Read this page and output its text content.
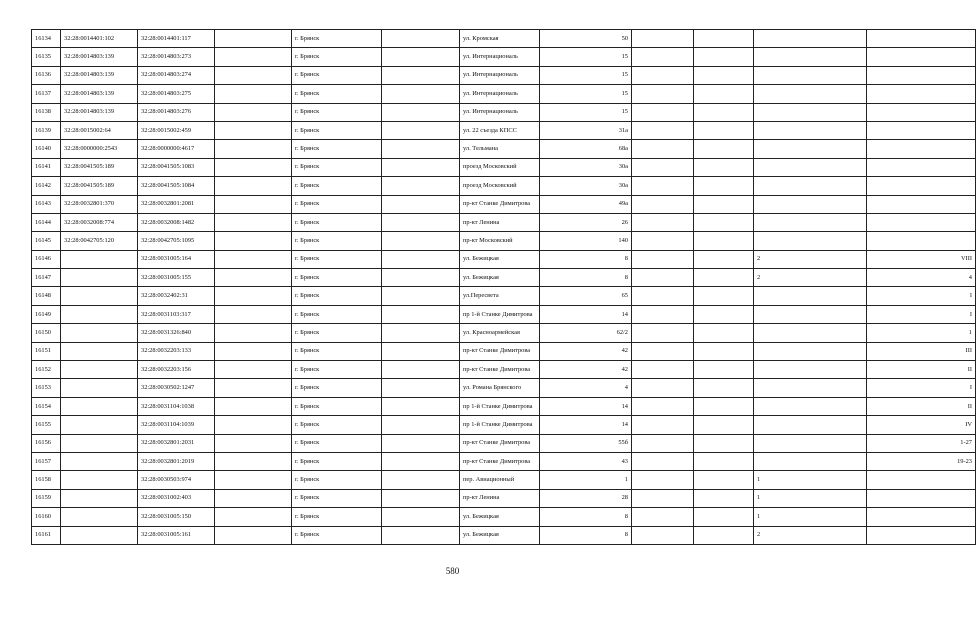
16134	32:28:0014401:102	32:28:0014401:117		г. Брянск		ул. Кромская	50				
16135	32:28:0014803:139	32:28:0014803:273		г. Брянск		ул. Интернациональ	15				
16136	32:28:0014803:139	32:28:0014803:274		г. Брянск		ул. Интернациональ	15				
16137	32:28:0014803:139	32:28:0014803:275		г. Брянск		ул. Интернациональ	15				
16138	32:28:0014803:139	32:28:0014803:276		г. Брянск		ул. Интернациональ	15				
16139	32:28:0015002:64	32:28:0015002:459		г. Брянск		ул. 22 съезда КПСС	31а				
16140	32:28:0000000:2543	32:28:0000000:4617		г. Брянск		ул. Тельмана	68а				
16141	32:28:0041505:189	32:28:0041505:1083		г. Брянск		проезд Московский	30а				
16142	32:28:0041505:189	32:28:0041505:1084		г. Брянск		проезд Московский	30а				
16143	32:28:0032801:370	32:28:0032801:2081		г. Брянск		пр-кт Станке Димитрова	49а				
16144	32:28:0032008:774	32:28:0032008:1482		г. Брянск		пр-кт Ленина	26				
16145	32:28:0042705:120	32:28:0042705:1095		г. Брянск		пр-кт Московский	140				
16146		32:28:0031005:164		г. Брянск		ул. Бежицкая	8			2	VIII
16147		32:28:0031005:155		г. Брянск		ул. Бежицкая	8			2	4
16148		32:28:0032402:31		г. Брянск		ул.Пересвета	65				I
16149		32:28:0031103:317		г. Брянск		пр 1-й Станке Димитрова	14				I
16150		32:28:0031326:840		г. Брянск		ул. Красноармейская	62/2				1
16151		32:28:0032203:133		г. Брянск		пр-кт Станке Димитрова	42				III
16152		32:28:0032203:156		г. Брянск		пр-кт Станке Димитрова	42				II
16153		32:28:0030502:1247		г. Брянск		ул. Романа Брянского	4				I
16154		32:28:0031104:1038		г. Брянск		пр 1-й Станке Димитрова	14				II
16155		32:28:0031104:1039		г. Брянск		пр 1-й Станке Димитрова	14				IV
16156		32:28:0032801:2031		г. Брянск		пр-кт Станке Димитрова	55б				1-27
16157		32:28:0032801:2019		г. Брянск		пр-кт Станке Димитрова	43				19-23
16158		32:28:0030503:974		г. Брянск		пер. Авиационный	1			1	
16159		32:28:0031002:403		г. Брянск		пр-кт Ленина	28			1	
16160		32:28:0031005:150		г. Брянск		ул. Бежицкая	8			1	
16161		32:28:0031005:161		г. Брянск		ул. Бежицкая	8			2	
580
